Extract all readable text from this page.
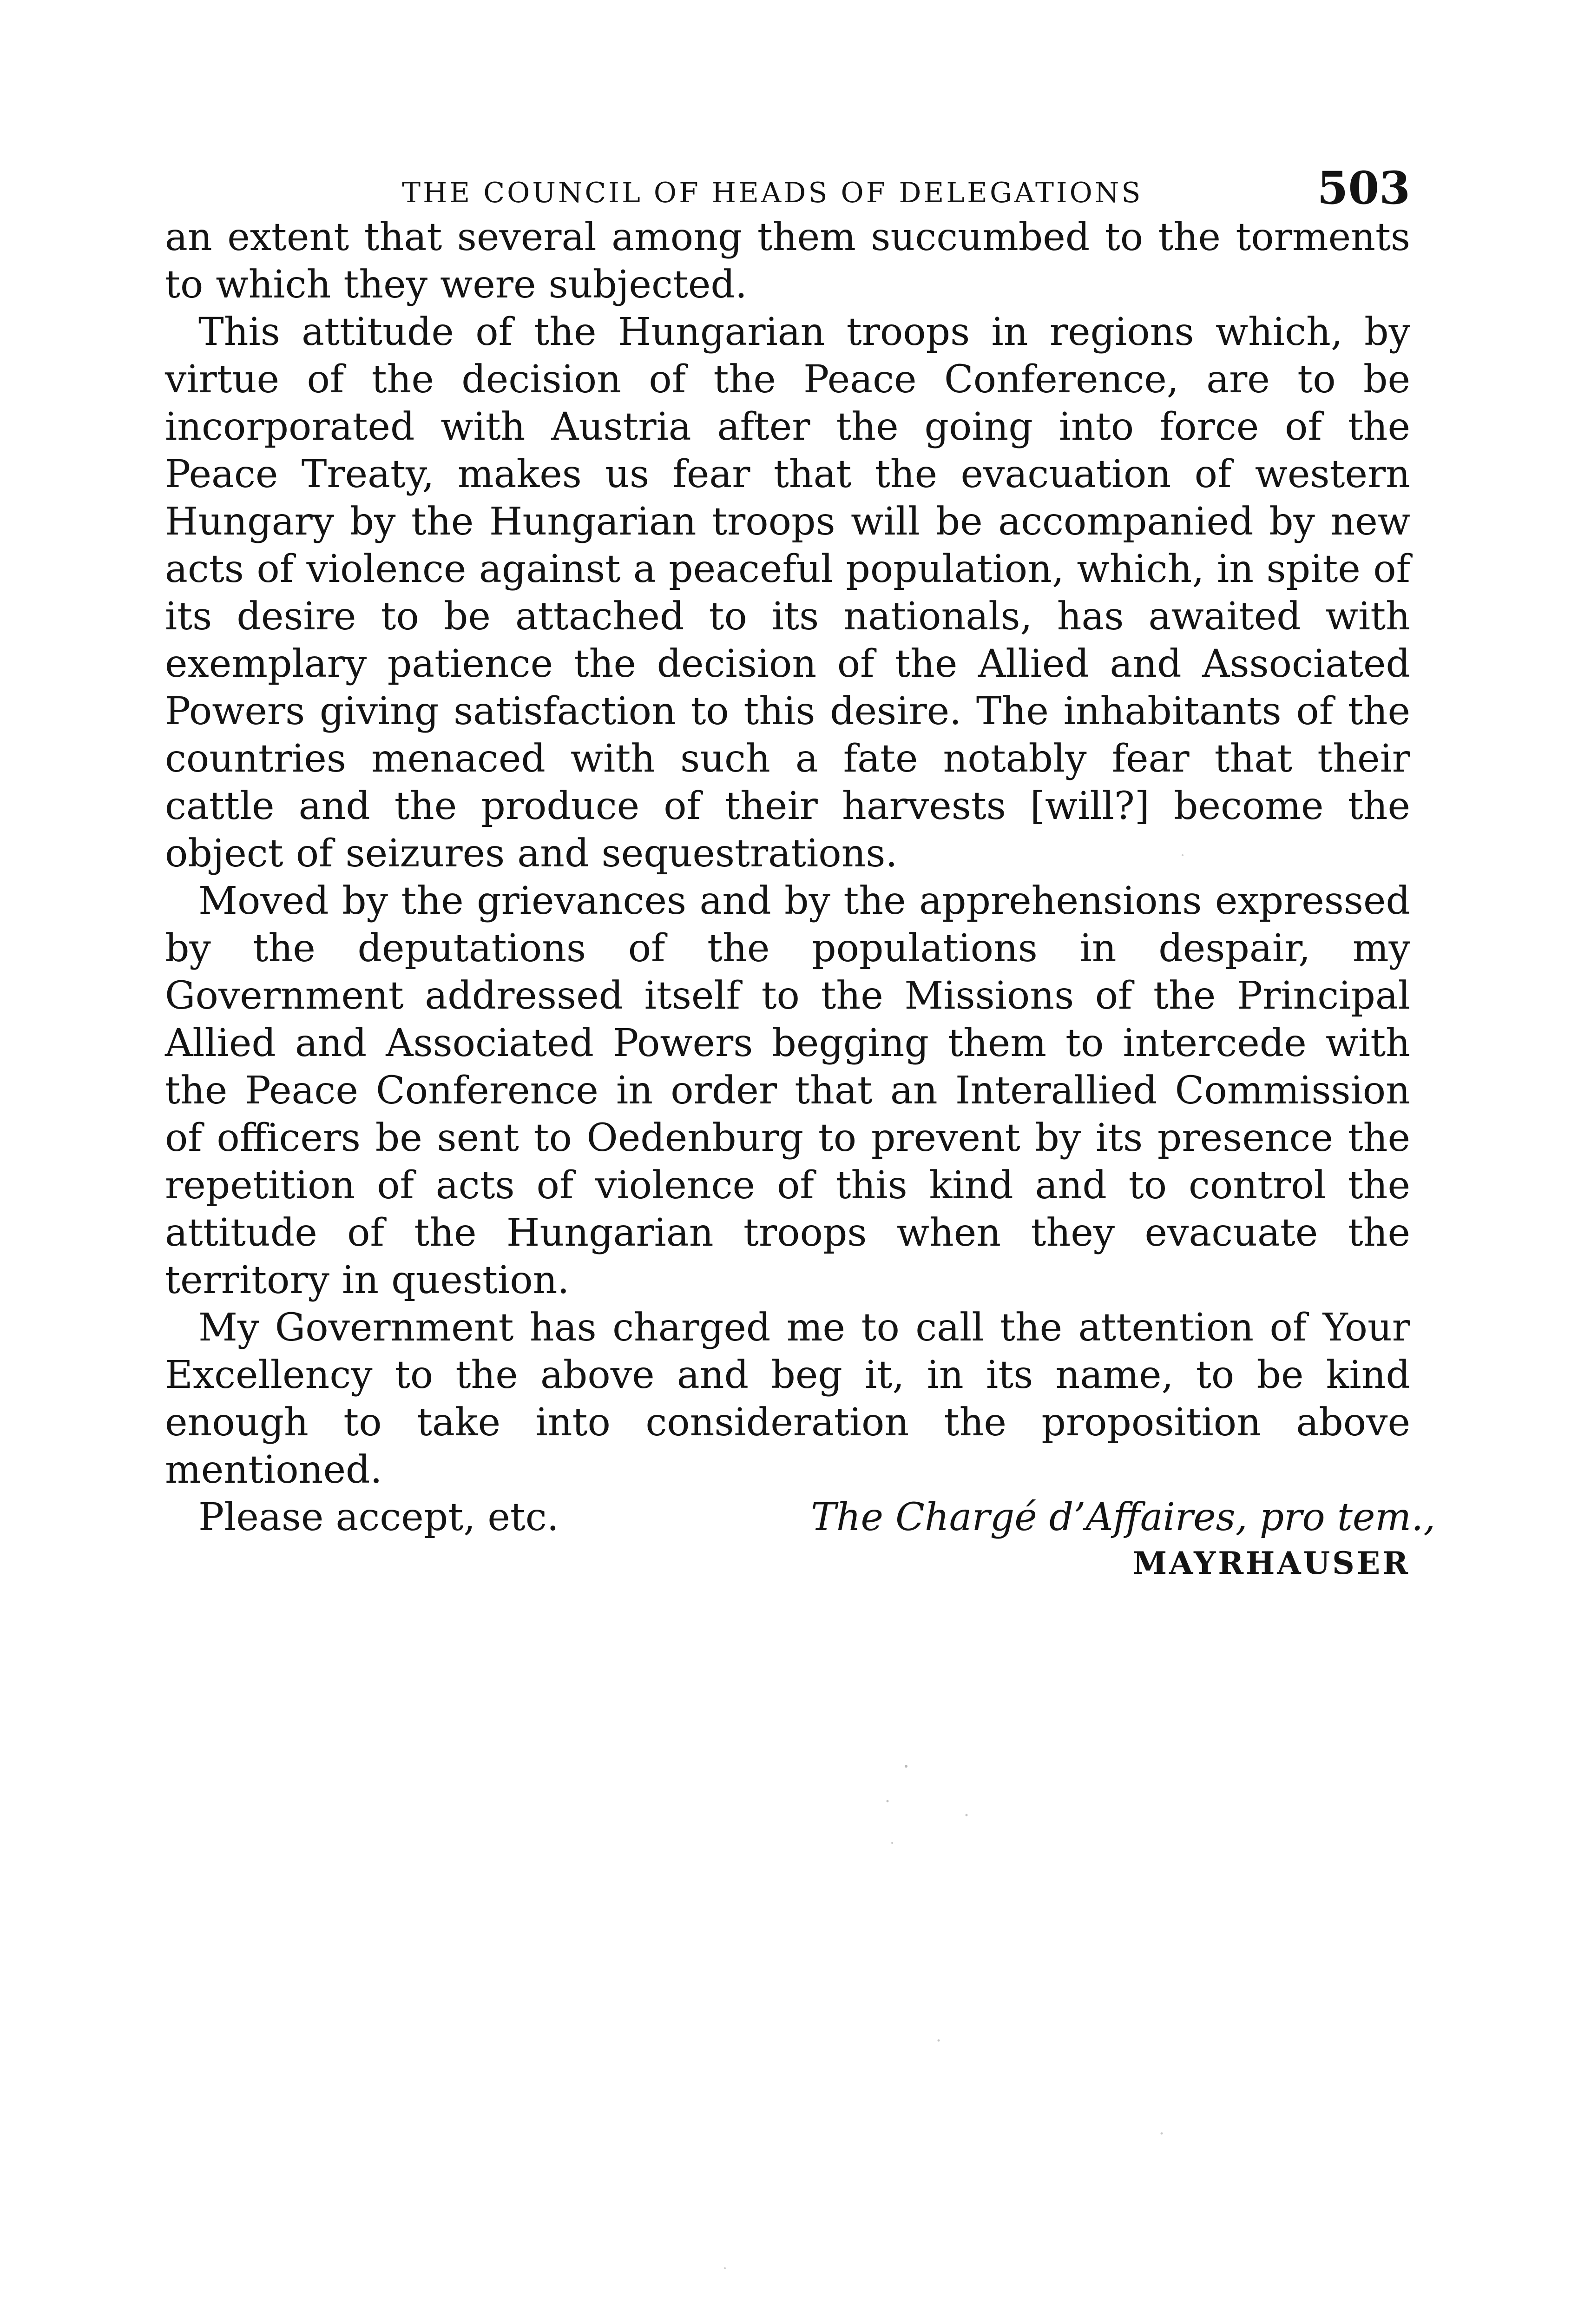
THE COUNCIL OF HEADS OF DELEGATIONS	503

an extent that several among them succumbed to the torments to which they were subjected.

This attitude of the Hungarian troops in regions which, by virtue of the decision of the Peace Conference, are to be incorporated with Austria after the going into force of the Peace Treaty, makes us fear that the evacuation of western Hungary by the Hungarian troops will be accompanied by new acts of violence against a peaceful population, which, in spite of its desire to be attached to its nationals, has awaited with exemplary patience the decision of the Allied and Associated Powers giving satisfaction to this desire. The inhabitants of the countries menaced with such a fate notably fear that their cattle and the produce of their harvests [will?] become the object of seizures and sequestrations.

Moved by the grievances and by the apprehensions expressed by the deputations of the populations in despair, my Government addressed itself to the Missions of the Principal Allied and Associated Powers begging them to intercede with the Peace Conference in order that an Interallied Commission of officers be sent to Oedenburg to prevent by its presence the repetition of acts of violence of this kind and to control the attitude of the Hungarian troops when they evacuate the territory in question.

My Government has charged me to call the attention of Your Excellency to the above and beg it, in its name, to be kind enough to take into consideration the proposition above mentioned.

Please accept, etc.	The Chargé d’Affaires, pro tem.,
MAYRHAUSER
